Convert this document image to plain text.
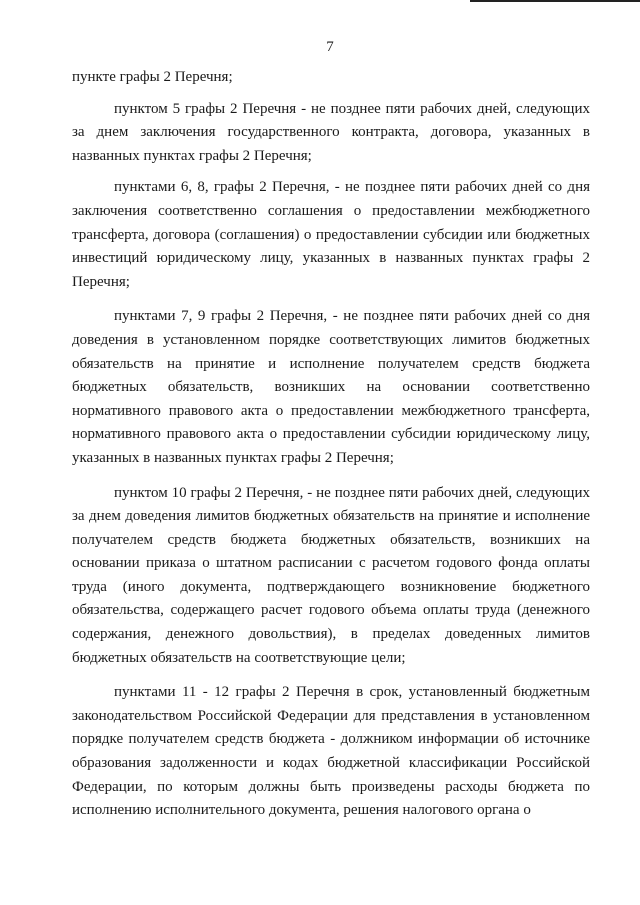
7

пункте графы 2 Перечня;

пунктом 5 графы 2 Перечня - не позднее пяти рабочих дней, следующих за днем заключения государственного контракта, договора, указанных в названных пунктах графы 2 Перечня;

пунктами 6, 8, графы 2 Перечня, - не позднее пяти рабочих дней со дня заключения соответственно соглашения о предоставлении межбюджетного трансферта, договора (соглашения) о предоставлении субсидии или бюджетных инвестиций юридическому лицу, указанных в названных пунктах графы 2 Перечня;

пунктами 7, 9 графы 2 Перечня, - не позднее пяти рабочих дней со дня доведения в установленном порядке соответствующих лимитов бюджетных обязательств на принятие и исполнение получателем средств бюджета бюджетных обязательств, возникших на основании соответственно нормативного правового акта о предоставлении межбюджетного трансферта, нормативного правового акта о предоставлении субсидии юридическому лицу, указанных в названных пунктах графы 2 Перечня;

пунктом 10 графы 2 Перечня, - не позднее пяти рабочих дней, следующих за днем доведения лимитов бюджетных обязательств на принятие и исполнение получателем средств бюджета бюджетных обязательств, возникших на основании приказа о штатном расписании с расчетом годового фонда оплаты труда (иного документа, подтверждающего возникновение бюджетного обязательства, содержащего расчет годового объема оплаты труда (денежного содержания, денежного довольствия), в пределах доведенных лимитов бюджетных обязательств на соответствующие цели;

пунктами 11 - 12 графы 2 Перечня в срок, установленный бюджетным законодательством Российской Федерации для представления в установленном порядке получателем средств бюджета - должником информации об источнике образования задолженности и кодах бюджетной классификации Российской Федерации, по которым должны быть произведены расходы бюджета по исполнению исполнительного документа, решения налогового органа о
